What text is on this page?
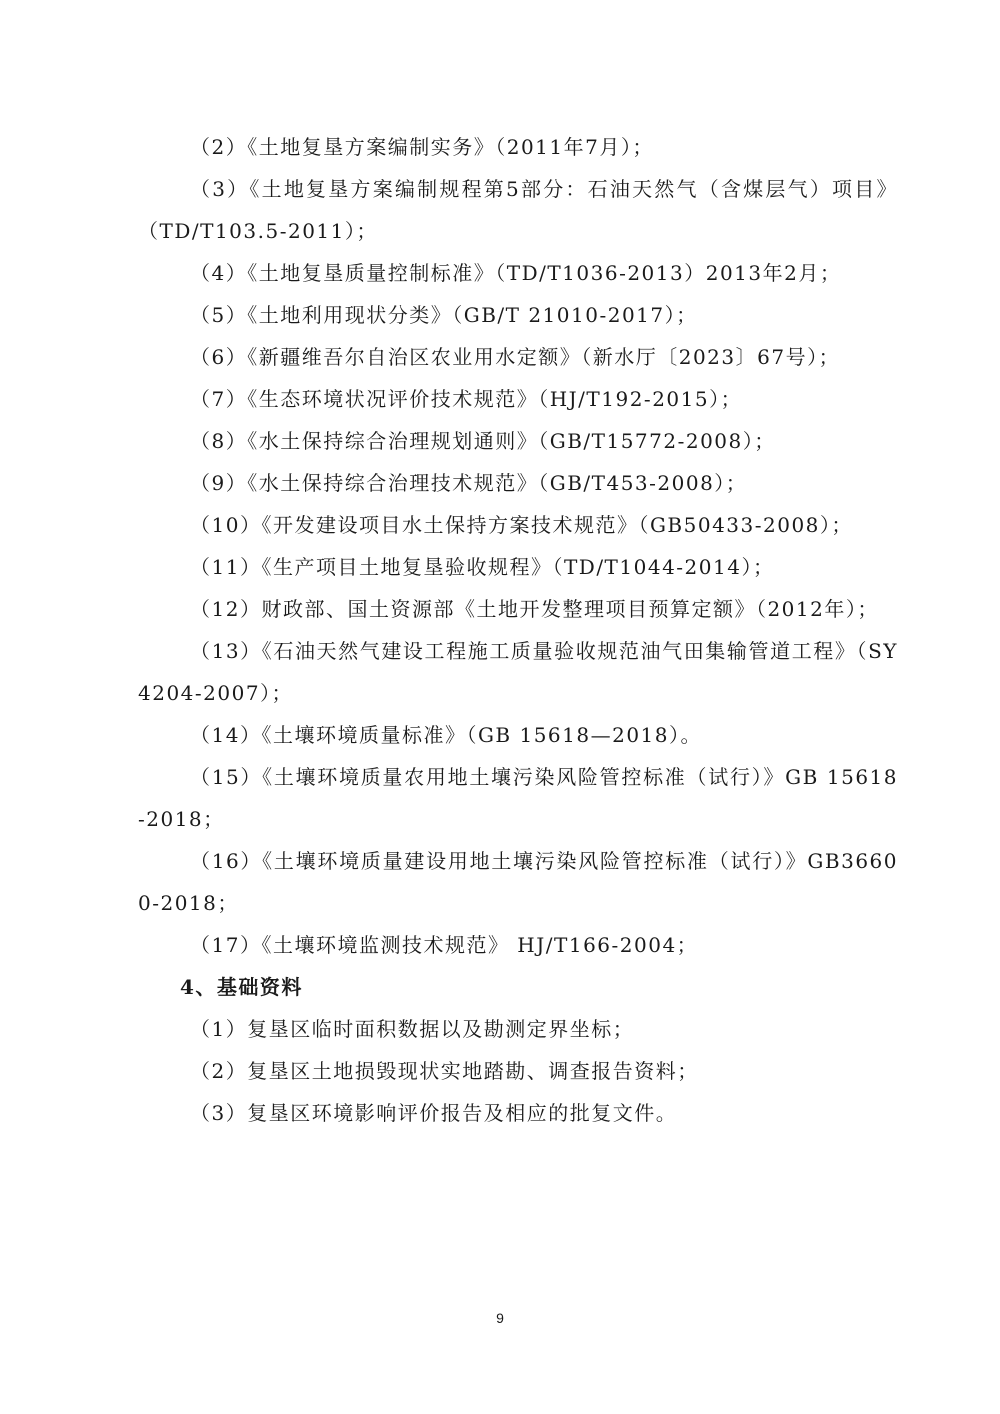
（2）《土地复垦方案编制实务》（2011年7月）；

（3）《土地复垦方案编制规程第5部分：石油天然气（含煤层气）项目》（TD/T103.5-2011）；

（4）《土地复垦质量控制标准》（TD/T1036-2013）2013年2月；

（5）《土地利用现状分类》（GB/T 21010-2017）；

（6）《新疆维吾尔自治区农业用水定额》（新水厅〔2023〕67号）；

（7）《生态环境状况评价技术规范》（HJ/T192-2015）；

（8）《水土保持综合治理规划通则》（GB/T15772-2008）；

（9）《水土保持综合治理技术规范》（GB/T453-2008）；

（10）《开发建设项目水土保持方案技术规范》（GB50433-2008）；

（11）《生产项目土地复垦验收规程》（TD/T1044-2014）；

（12）财政部、国土资源部《土地开发整理项目预算定额》（2012年）；

（13）《石油天然气建设工程施工质量验收规范油气田集输管道工程》（SY4204-2007）；

（14）《土壤环境质量标准》（GB 15618—2018）。

（15）《土壤环境质量农用地土壤污染风险管控标准（试行）》GB 15618-2018；

（16）《土壤环境质量建设用地土壤污染风险管控标准（试行）》GB36600-2018；

（17）《土壤环境监测技术规范》 HJ/T166-2004；

4、基础资料

（1）复垦区临时面积数据以及勘测定界坐标；

（2）复垦区土地损毁现状实地踏勘、调查报告资料；

（3）复垦区环境影响评价报告及相应的批复文件。

9
